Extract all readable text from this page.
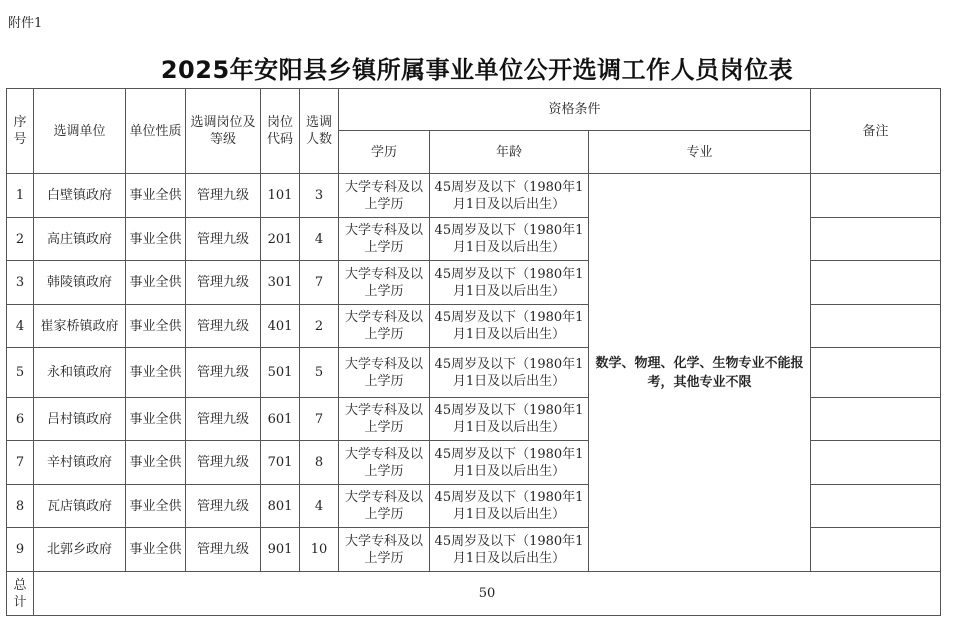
附件1
2025年安阳县乡镇所属事业单位公开选调工作人员岗位表
序号	选调单位	单位性质	选调岗位及等级	岗位代码	选调人数	资格条件			备注
						学历	年龄	专业	
1	白壁镇政府	事业全供	管理九级	101	3	大学专科及以上学历	45周岁及以下（1980年1月1日及以后出生）	数学、物理、化学、生物专业不能报考，其他专业不限	
2	高庄镇政府	事业全供	管理九级	201	4	大学专科及以上学历	45周岁及以下（1980年1月1日及以后出生）		
3	韩陵镇政府	事业全供	管理九级	301	7	大学专科及以上学历	45周岁及以下（1980年1月1日及以后出生）		
4	崔家桥镇政府	事业全供	管理九级	401	2	大学专科及以上学历	45周岁及以下（1980年1月1日及以后出生）		
5	永和镇政府	事业全供	管理九级	501	5	大学专科及以上学历	45周岁及以下（1980年1月1日及以后出生）		
6	吕村镇政府	事业全供	管理九级	601	7	大学专科及以上学历	45周岁及以下（1980年1月1日及以后出生）		
7	辛村镇政府	事业全供	管理九级	701	8	大学专科及以上学历	45周岁及以下（1980年1月1日及以后出生）		
8	瓦店镇政府	事业全供	管理九级	801	4	大学专科及以上学历	45周岁及以下（1980年1月1日及以后出生）		
9	北郭乡政府	事业全供	管理九级	901	10	大学专科及以上学历	45周岁及以下（1980年1月1日及以后出生）		
总计	50								
